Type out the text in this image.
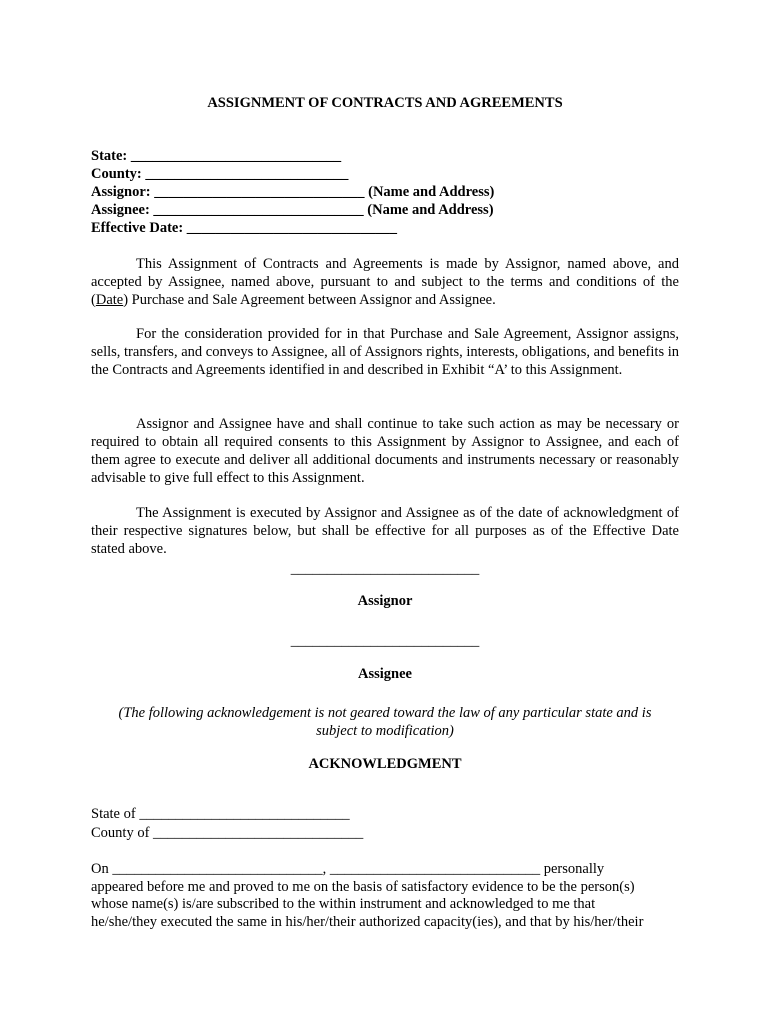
ASSIGNMENT OF CONTRACTS AND AGREEMENTS
State: _____________________________
County: ____________________________
Assignor: _____________________________ (Name and Address)
Assignee: _____________________________ (Name and Address)
Effective Date: _____________________________
This Assignment of Contracts and Agreements is made by Assignor, named above, and accepted by Assignee, named above, pursuant to and subject to the terms and conditions of the (Date) Purchase and Sale Agreement between Assignor and Assignee.
For the consideration provided for in that Purchase and Sale Agreement, Assignor assigns, sells, transfers, and conveys to Assignee, all of Assignors rights, interests, obligations, and benefits in the Contracts and Agreements identified in and described in Exhibit “A’ to this Assignment.
Assignor and Assignee have and shall continue to take such action as may be necessary or required to obtain all required consents to this Assignment by Assignor to Assignee, and each of them agree to execute and deliver all additional documents and instruments necessary or reasonably advisable to give full effect to this Assignment.
The Assignment is executed by Assignor and Assignee as of the date of acknowledgment of their respective signatures below, but shall be effective for all purposes as of the Effective Date stated above.
__________________________
Assignor
__________________________
Assignee
(The following acknowledgement is not geared toward the law of any particular state and is subject to modification)
ACKNOWLEDGMENT
State of _____________________________
County of _____________________________
On _____________________________, _____________________________ personally
appeared before me and proved to me on the basis of satisfactory evidence to be the person(s)
whose name(s) is/are subscribed to the within instrument and acknowledged to me that
he/she/they executed the same in his/her/their authorized capacity(ies), and that by his/her/their
